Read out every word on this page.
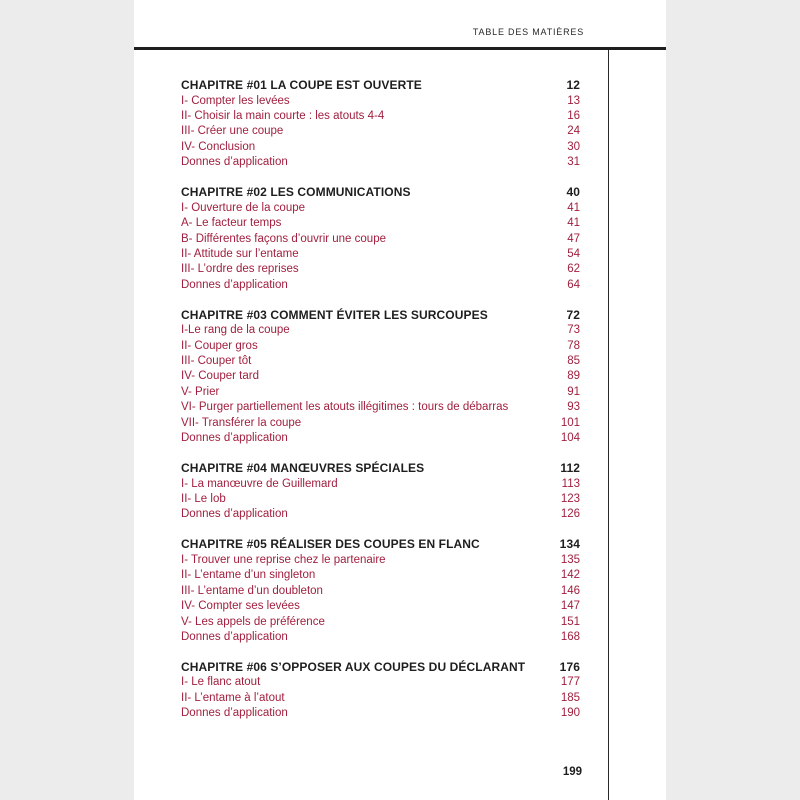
TABLE DES MATIÈRES
CHAPITRE #01 LA COUPE EST OUVERTE	12
I- Compter les levées	13
II- Choisir la main courte : les atouts 4-4	16
III- Créer une coupe	24
IV- Conclusion	30
Donnes d’application	31
CHAPITRE #02 LES COMMUNICATIONS	40
I- Ouverture de la coupe	41
A- Le facteur temps	41
B- Différentes façons d’ouvrir une coupe	47
II- Attitude sur l’entame	54
III- L’ordre des reprises	62
Donnes d’application	64
CHAPITRE #03 COMMENT ÉVITER LES SURCOUPES	72
I-Le rang de la coupe	73
II- Couper gros	78
III- Couper tôt	85
IV- Couper tard	89
V- Prier	91
VI- Purger partiellement les atouts illégitimes : tours de débarras	93
VII- Transférer la coupe	101
Donnes d’application	104
CHAPITRE #04 MANŒUVRES SPÉCIALES	112
I- La manœuvre de Guillemard	113
II- Le lob	123
Donnes d’application	126
CHAPITRE #05 RÉALISER DES COUPES EN FLANC	134
I- Trouver une reprise chez le partenaire	135
II- L’entame d’un singleton	142
III- L’entame d’un doubleton	146
IV- Compter ses levées	147
V- Les appels de préférence	151
Donnes d’application	168
CHAPITRE #06 S’OPPOSER AUX COUPES DU DÉCLARANT	176
I- Le flanc atout	177
II- L’entame à l’atout	185
Donnes d’application	190
199
